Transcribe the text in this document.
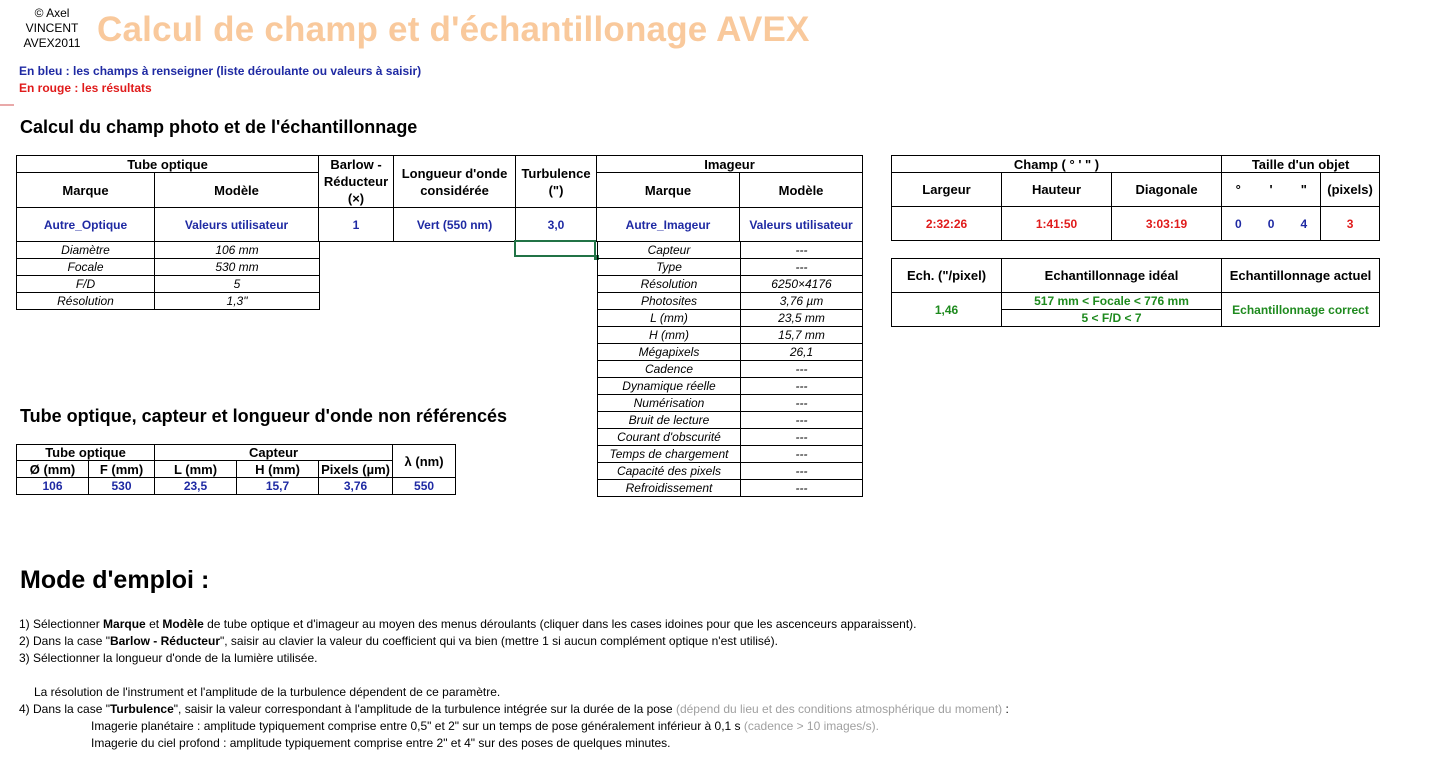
© Axel
VINCENT
AVEX2011 Calcul de champ et d'échantillonage AVEX
En bleu : les champs à renseigner (liste déroulante ou valeurs à saisir)
En rouge : les résultats
Calcul du champ photo et de l'échantillonnage
Tube optique		Barlow - Réducteur (×)	Longueur d'onde considérée	Turbulence (")	Imageur	
Marque	Modèle				Marque	Modèle
Autre_Optique	Valeurs utilisateur	1	Vert (550 nm)	3,0	Autre_Imageur	Valeurs utilisateur
Diamètre	106 mm
Focale	530 mm
F/D	5
Résolution	1,3"
Capteur	---
Type	---
Résolution	6250×4176
Photosites	3,76 µm
L (mm)	23,5 mm
H (mm)	15,7 mm
Mégapixels	26,1
Cadence	---
Dynamique réelle	---
Numérisation	---
Bruit de lecture	---
Courant d'obscurité	---
Temps de chargement	---
Capacité des pixels	---
Refroidissement	---
Champ ( ° ' " )			Taille d'un objet			
Largeur	Hauteur	Diagonale	°	'	"	(pixels)
2:32:26	1:41:50	3:03:19	0	0	4	3
Ech. ("/pixel)	Echantillonnage idéal	Echantillonnage actuel
1,46	517 mm < Focale < 776 mm	Echantillonnage correct
	5 < F/D < 7	
Tube optique, capteur et longueur d'onde non référencés
Tube optique		Capteur			λ (nm)
Ø (mm)	F (mm)	L (mm)	H (mm)	Pixels (µm)	
106	530	23,5	15,7	3,76	550
Mode d'emploi :
1) Sélectionner Marque et Modèle de tube optique et d'imageur au moyen des menus déroulants (cliquer dans les cases idoines pour que les ascenceurs apparaissent).
2) Dans la case "Barlow - Réducteur", saisir au clavier la valeur du coefficient qui va bien (mettre 1 si aucun complément optique n'est utilisé).
3) Sélectionner la longueur d'onde de la lumière utilisée.
La résolution de l'instrument et l'amplitude de la turbulence dépendent de ce paramètre.
4) Dans la case "Turbulence", saisir la valeur correspondant à l'amplitude de la turbulence intégrée sur la durée de la pose (dépend du lieu et des conditions atmosphérique du moment) :
Imagerie planétaire : amplitude typiquement comprise entre 0,5" et 2" sur un temps de pose généralement inférieur à 0,1 s (cadence > 10 images/s).
Imagerie du ciel profond : amplitude typiquement comprise entre 2" et 4" sur des poses de quelques minutes.
